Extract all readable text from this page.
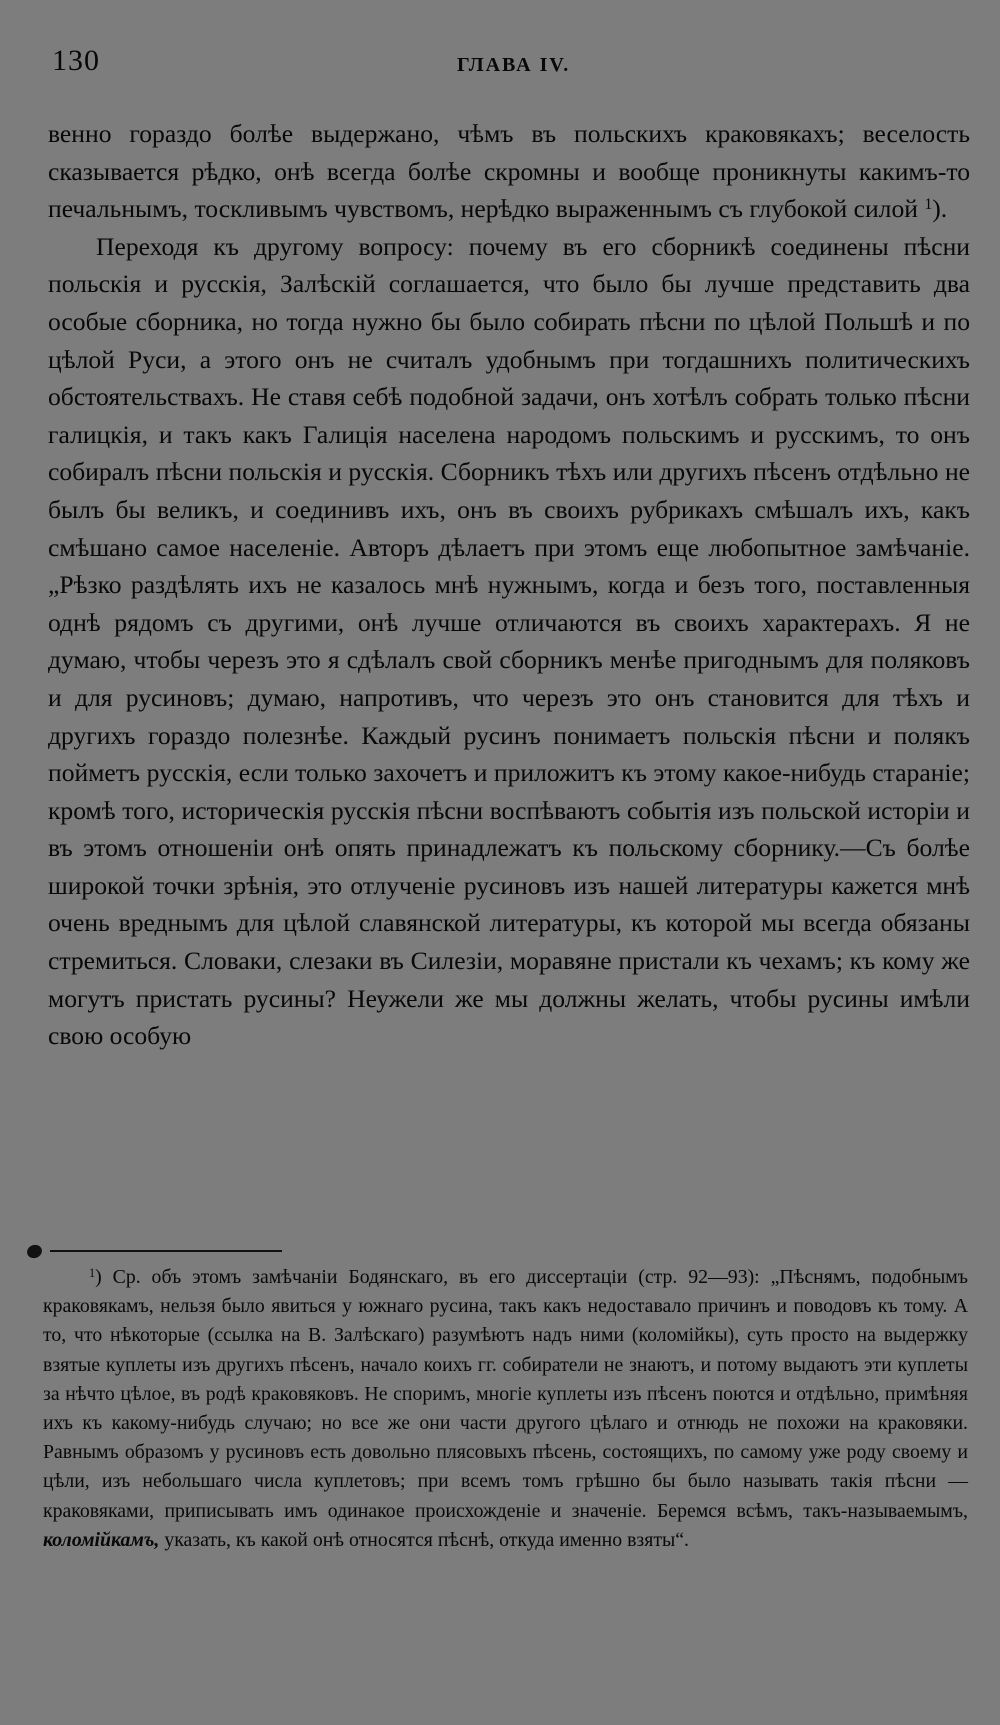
130	ГЛАВА IV.

венно гораздо болѣе выдержано, чѣмъ въ польскихъ краковякахъ; веселость сказывается рѣдко, онѣ всегда болѣе скромны и вообще проникнуты какимъ-то печальнымъ, тоскливымъ чувствомъ, нерѣдко выраженнымъ съ глубокой силой $^1$).

Переходя къ другому вопросу: почему въ его сборникѣ соединены пѣсни польскія и русскія, Залѣскій соглашается, что было бы лучше представить два особые сборника, но тогда нужно бы было собирать пѣсни по цѣлой Польшѣ и по цѣлой Руси, а этого онъ не считалъ удобнымъ при тогдашнихъ политическихъ обстоятельствахъ. Не ставя себѣ подобной задачи, онъ хотѣлъ собрать только пѣсни галицкія, и такъ какъ Галиція населена народомъ польскимъ и русскимъ, то онъ собиралъ пѣсни польскія и русскія. Сборникъ тѣхъ или другихъ пѣсенъ отдѣльно не былъ бы великъ, и соединивъ ихъ, онъ въ своихъ рубрикахъ смѣшалъ ихъ, какъ смѣшано самое населеніе. Авторъ дѣлаетъ при этомъ еще любопытное замѣчаніе. „Рѣзко раздѣлять ихъ не казалось мнѣ нужнымъ, когда и безъ того, поставленныя однѣ рядомъ съ другими, онѣ лучше отличаются въ своихъ характерахъ. Я не думаю, чтобы черезъ это я сдѣлалъ свой сборникъ менѣе пригоднымъ для поляковъ и для русиновъ; думаю, напротивъ, что черезъ это онъ становится для тѣхъ и другихъ гораздо полезнѣе. Каждый русинъ понимаетъ польскія пѣсни и полякъ пойметъ русскія, если только захочетъ и приложитъ къ этому какое-нибудь стараніе; кромѣ того, историческія русскія пѣсни воспѣваютъ событія изъ польской исторіи и въ этомъ отношеніи онѣ опять принадлежатъ къ польскому сборнику.—Съ болѣе широкой точки зрѣнія, это отлученіе русиновъ изъ нашей литературы кажется мнѣ очень вреднымъ для цѣлой славянской литературы, къ которой мы всегда обязаны стремиться. Словаки, слезаки въ Силезіи, моравяне пристали къ чехамъ; къ кому же могутъ пристать русины? Неужели же мы должны желать, чтобы русины имѣли свою особую

$^1$) Ср. объ этомъ замѣчаніи Бодянскаго, въ его диссертаціи (стр. 92—93): „Пѣснямъ, подобнымъ краковякамъ, нельзя было явиться у южнаго русина, такъ какъ недоставало причинъ и поводовъ къ тому. А то, что нѣкоторые (ссылка на В. Залѣскаго) разумѣютъ надъ ними (коломійкы), суть просто на выдержку взятые куплеты изъ другихъ пѣсенъ, начало коихъ гг. собиратели не знаютъ, и потому выдаютъ эти куплеты за нѣчто цѣлое, въ родѣ краковяковъ. Не споримъ, многіе куплеты изъ пѣсенъ поются и отдѣльно, примѣняя ихъ къ какому-нибудь случаю; но все же они части другого цѣлаго и отнюдь не похожи на краковяки. Равнымъ образомъ у русиновъ есть довольно плясовыхъ пѣсень, состоящихъ, по самому уже роду своему и цѣли, изъ небольшаго числа куплетовъ; при всемъ томъ грѣшно бы было называть такія пѣсни — краковяками, приписывать имъ одинакое происхожденіе и значеніе. Беремся всѣмъ, такъ-называемымъ, коломійкамъ, указать, къ какой онѣ относятся пѣснѣ, откуда именно взяты“.
